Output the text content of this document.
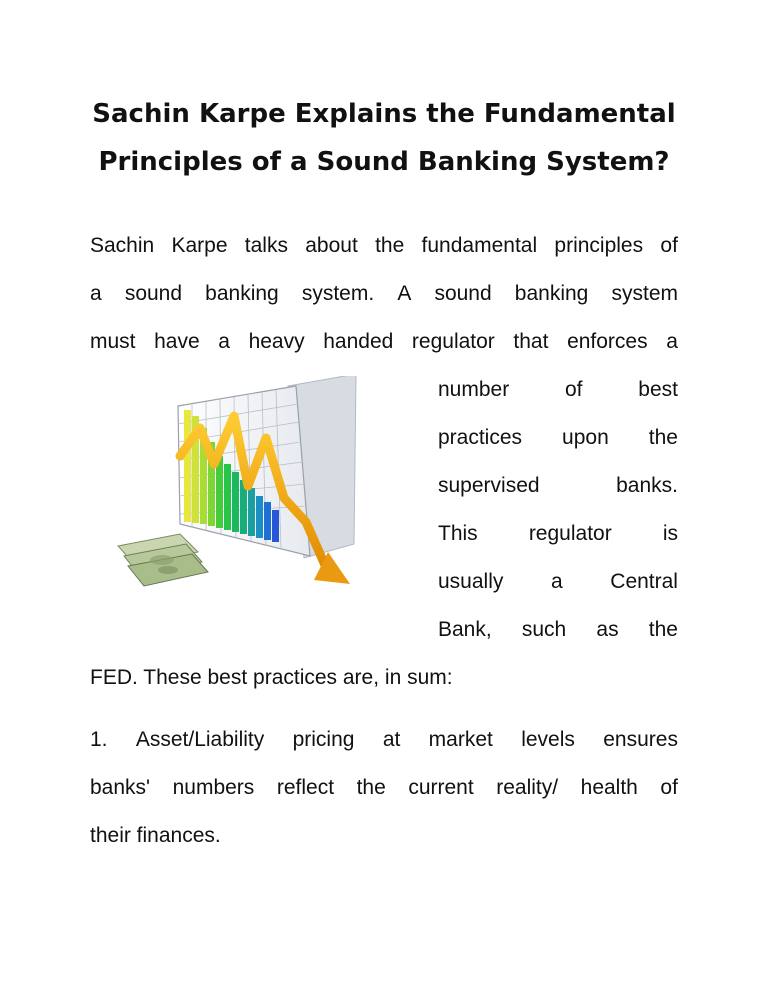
Sachin Karpe Explains the Fundamental
Principles of a Sound Banking System?
Sachin Karpe talks about the fundamental principles of
a sound banking system. A sound banking system
must have a heavy handed regulator that enforces a
number	of	best
practices upon the
supervised	banks.
This regulator is
usually a Central
Bank, such as the
FED. These best practices are, in sum:
1. Asset/Liability pricing at market levels ensures
banks' numbers reflect the current reality/ health of
their finances.
